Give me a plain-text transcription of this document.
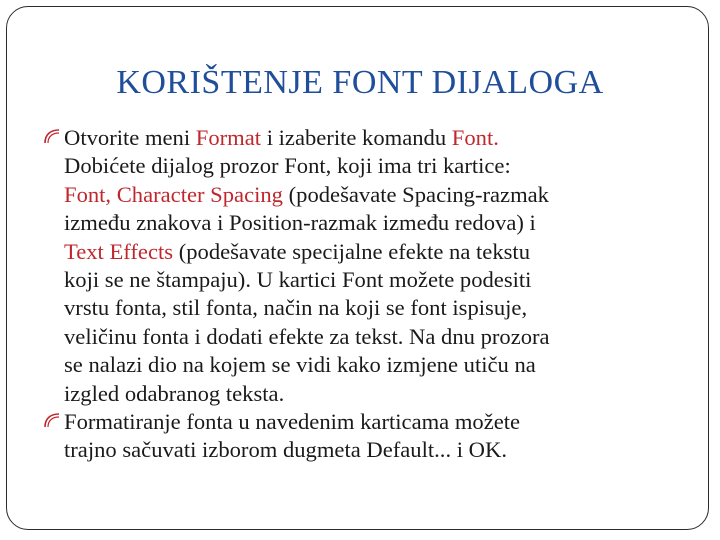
KORIŠTENJE FONT DIJALOGA
Otvorite meni Format i izaberite komandu Font.
Dobićete dijalog prozor Font, koji ima tri kartice:
Font, Character Spacing (podešavate Spacing-razmak
između znakova i Position-razmak između redova) i
Text Effects (podešavate specijalne efekte na tekstu
koji se ne štampaju). U kartici Font možete podesiti
vrstu fonta, stil fonta, način na koji se font ispisuje,
veličinu fonta i dodati efekte za tekst. Na dnu prozora
se nalazi dio na kojem se vidi kako izmjene utiču na
izgled odabranog teksta.
Formatiranje fonta u navedenim karticama možete
trajno sačuvati izborom dugmeta Default... i OK.
